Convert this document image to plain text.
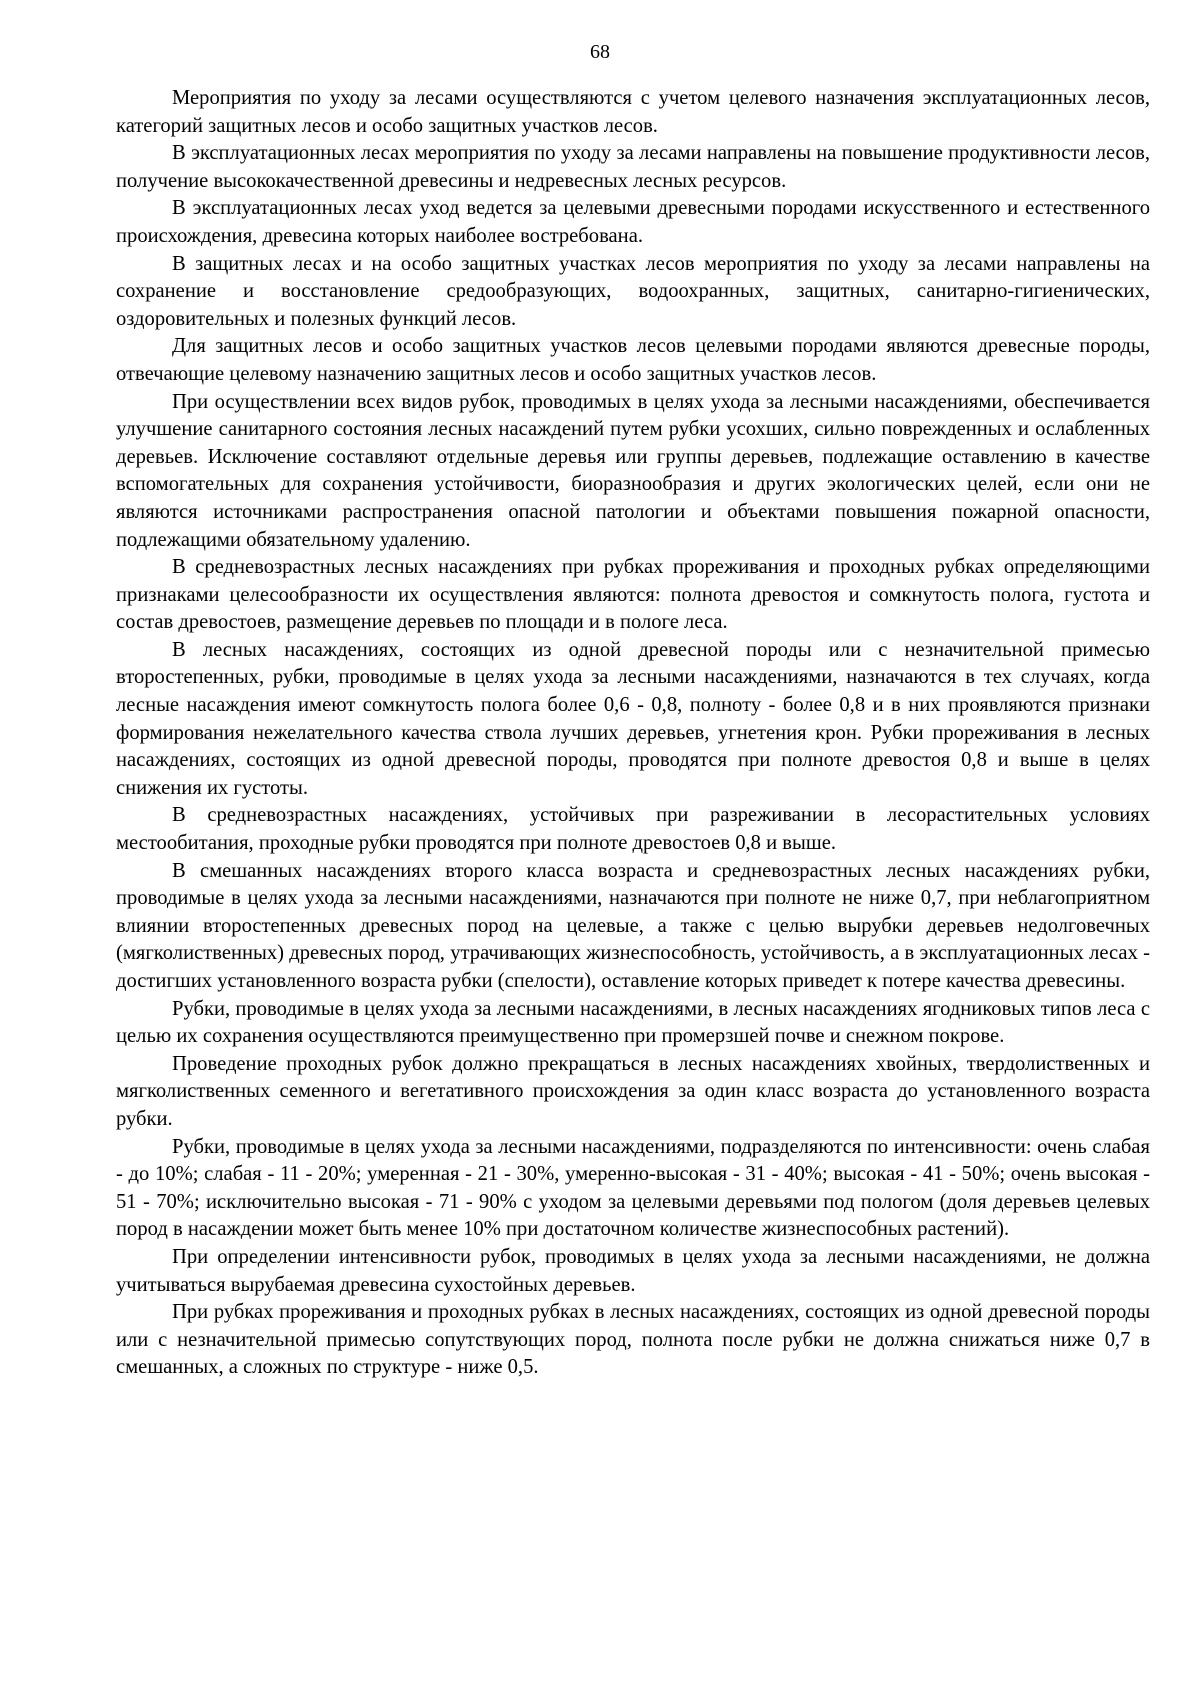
68

Мероприятия по уходу за лесами осуществляются с учетом целевого назначения эксплуатационных лесов, категорий защитных лесов и особо защитных участков лесов.

В эксплуатационных лесах мероприятия по уходу за лесами направлены на повышение продуктивности лесов, получение высококачественной древесины и недревесных лесных ресурсов.

В эксплуатационных лесах уход ведется за целевыми древесными породами искусственного и естественного происхождения, древесина которых наиболее востребована.

В защитных лесах и на особо защитных участках лесов мероприятия по уходу за лесами направлены на сохранение и восстановление средообразующих, водоохранных, защитных, санитарно-гигиенических, оздоровительных и полезных функций лесов.

Для защитных лесов и особо защитных участков лесов целевыми породами являются древесные породы, отвечающие целевому назначению защитных лесов и особо защитных участков лесов.

При осуществлении всех видов рубок, проводимых в целях ухода за лесными насаждениями, обеспечивается улучшение санитарного состояния лесных насаждений путем рубки усохших, сильно поврежденных и ослабленных деревьев. Исключение составляют отдельные деревья или группы деревьев, подлежащие оставлению в качестве вспомогательных для сохранения устойчивости, биоразнообразия и других экологических целей, если они не являются источниками распространения опасной патологии и объектами повышения пожарной опасности, подлежащими обязательному удалению.

В средневозрастных лесных насаждениях при рубках прореживания и проходных рубках определяющими признаками целесообразности их осуществления являются: полнота древостоя и сомкнутость полога, густота и состав древостоев, размещение деревьев по площади и в пологе леса.

В лесных насаждениях, состоящих из одной древесной породы или с незначительной примесью второстепенных, рубки, проводимые в целях ухода за лесными насаждениями, назначаются в тех случаях, когда лесные насаждения имеют сомкнутость полога более 0,6 - 0,8, полноту - более 0,8 и в них проявляются признаки формирования нежелательного качества ствола лучших деревьев, угнетения крон. Рубки прореживания в лесных насаждениях, состоящих из одной древесной породы, проводятся при полноте древостоя 0,8 и выше в целях снижения их густоты.

В средневозрастных насаждениях, устойчивых при разреживании в лесорастительных условиях местообитания, проходные рубки проводятся при полноте древостоев 0,8 и выше.

В смешанных насаждениях второго класса возраста и средневозрастных лесных насаждениях рубки, проводимые в целях ухода за лесными насаждениями, назначаются при полноте не ниже 0,7, при неблагоприятном влиянии второстепенных древесных пород на целевые, а также с целью вырубки деревьев недолговечных (мягколиственных) древесных пород, утрачивающих жизнеспособность, устойчивость, а в эксплуатационных лесах - достигших установленного возраста рубки (спелости), оставление которых приведет к потере качества древесины.

Рубки, проводимые в целях ухода за лесными насаждениями, в лесных насаждениях ягодниковых типов леса с целью их сохранения осуществляются преимущественно при промерзшей почве и снежном покрове.

Проведение проходных рубок должно прекращаться в лесных насаждениях хвойных, твердолиственных и мягколиственных семенного и вегетативного происхождения за один класс возраста до установленного возраста рубки.

Рубки, проводимые в целях ухода за лесными насаждениями, подразделяются по интенсивности: очень слабая - до 10%; слабая - 11 - 20%; умеренная - 21 - 30%, умеренно-высокая - 31 - 40%; высокая - 41 - 50%; очень высокая - 51 - 70%; исключительно высокая - 71 - 90% с уходом за целевыми деревьями под пологом (доля деревьев целевых пород в насаждении может быть менее 10% при достаточном количестве жизнеспособных растений).

При определении интенсивности рубок, проводимых в целях ухода за лесными насаждениями, не должна учитываться вырубаемая древесина сухостойных деревьев.

При рубках прореживания и проходных рубках в лесных насаждениях, состоящих из одной древесной породы или с незначительной примесью сопутствующих пород, полнота после рубки не должна снижаться ниже 0,7 в смешанных, а сложных по структуре - ниже 0,5.
